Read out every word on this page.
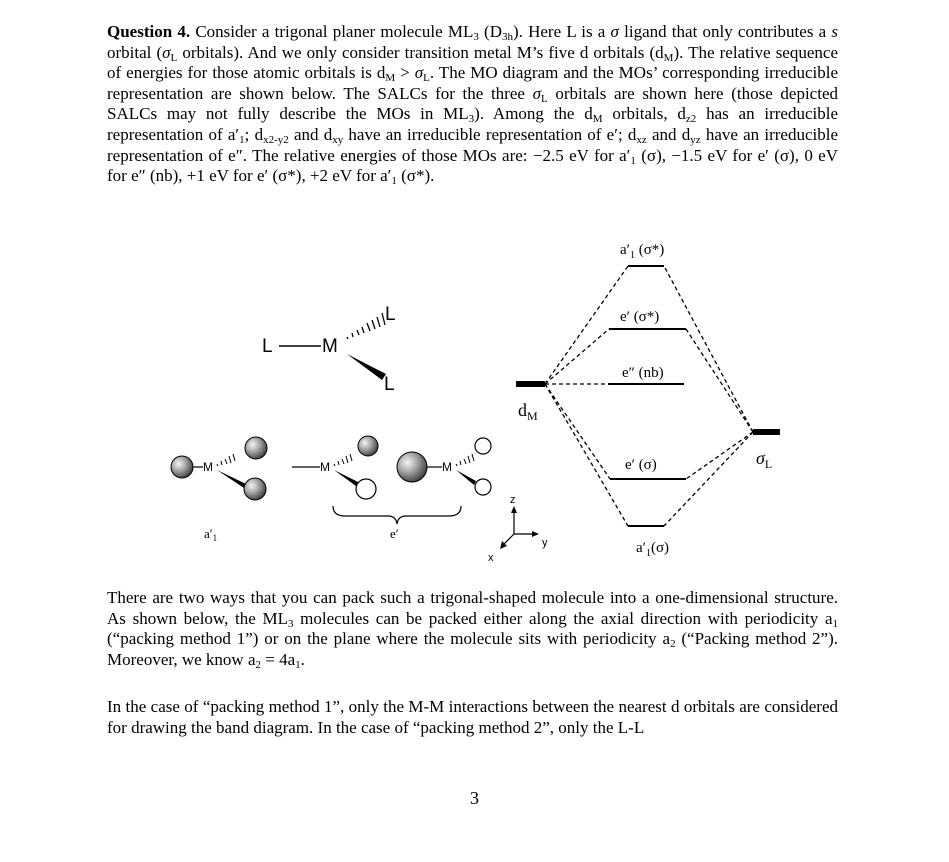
Question 4. Consider a trigonal planer molecule $ML_3$ $(D_{3h})$. Here L is a σ ligand that only contributes a s orbital ($\sigma_L$ orbitals). And we only consider transition metal M’s five d orbitals $(d_M)$. The relative sequence of energies for those atomic orbitals is $d_M > \sigma_L$. The MO diagram and the MOs’ corresponding irreducible representation are shown below. The SALCs for the three $\sigma_L$ orbitals are shown here (those depicted SALCs may not fully describe the MOs in $ML_3$). Among the $d_M$ orbitals, $d_{z2}$ has an irreducible representation of $a'_1$; $d_{x2-y2}$ and $d_{xy}$ have an irreducible representation of e′; $d_{xz}$ and $d_{yz}$ have an irreducible representation of e″. The relative energies of those MOs are: −2.5 eV for $a'_1$ (σ), −1.5 eV for e′ (σ), 0 eV for e″ (nb), +1 eV for e′ (σ*), +2 eV for $a'_1$ (σ*).

L	M
L
L
M
$a'_1$
M	M
e′
z
y
x
$d_M$
$\sigma_L$
$a'_1$ (σ*)
e′ (σ*)
e″ (nb)
e′ (σ)
$a'_1(\sigma)$

There are two ways that you can pack such a trigonal-shaped molecule into a one-dimensional structure. As shown below, the $ML_3$ molecules can be packed either along the axial direction with periodicity $a_1$ (“packing method 1”) or on the plane where the molecule sits with periodicity $a_2$ (“Packing method 2”). Moreover, we know $a_2 = 4a_1$.

In the case of “packing method 1”, only the M-M interactions between the nearest d orbitals are considered for drawing the band diagram. In the case of “packing method 2”, only the L-L

3
